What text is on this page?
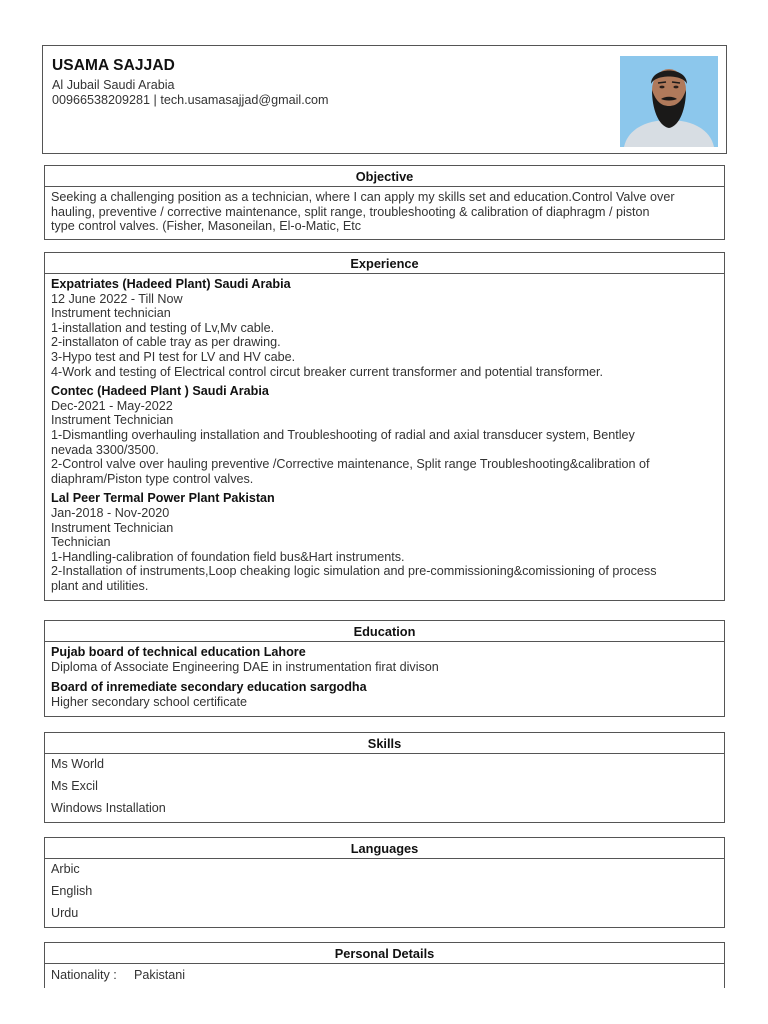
USAMA SAJJAD
Al Jubail Saudi Arabia
00966538209281 | tech.usamasajjad@gmail.com
Objective
Seeking a challenging position as a technician, where I can apply my skills set and education.Control Valve over
hauling, preventive / corrective maintenance, split range, troubleshooting & calibration of diaphragm / piston
type control valves. (Fisher, Masoneilan, El-o-Matic, Etc
Experience
Expatriates (Hadeed Plant) Saudi Arabia
12 June 2022 - Till Now
Instrument technician
1-installation and testing of Lv,Mv cable.
2-installaton of cable tray as per drawing.
3-Hypo test and PI test for LV and HV cabe.
4-Work and testing of Electrical control circut breaker current transformer and potential transformer.
Contec (Hadeed Plant ) Saudi Arabia
Dec-2021 - May-2022
Instrument Technician
1-Dismantling overhauling installation and Troubleshooting of radial and axial transducer system, Bentley
nevada 3300/3500.
2-Control valve over hauling preventive /Corrective maintenance, Split range Troubleshooting&calibration of
diaphram/Piston type control valves.
Lal Peer Termal Power Plant Pakistan
Jan-2018 - Nov-2020
Instrument Technician
Technician
1-Handling-calibration of foundation field bus&Hart instruments.
2-Installation of instruments,Loop cheaking logic simulation and pre-commissioning&comissioning of process
plant and utilities.
Education
Pujab board of technical education Lahore
Diploma of Associate Engineering DAE in instrumentation firat divison
Board of inremediate secondary education sargodha
Higher secondary school certificate
Skills
Ms World
Ms Excil
Windows Installation
Languages
Arbic
English
Urdu
Personal Details
Nationality : Pakistani
